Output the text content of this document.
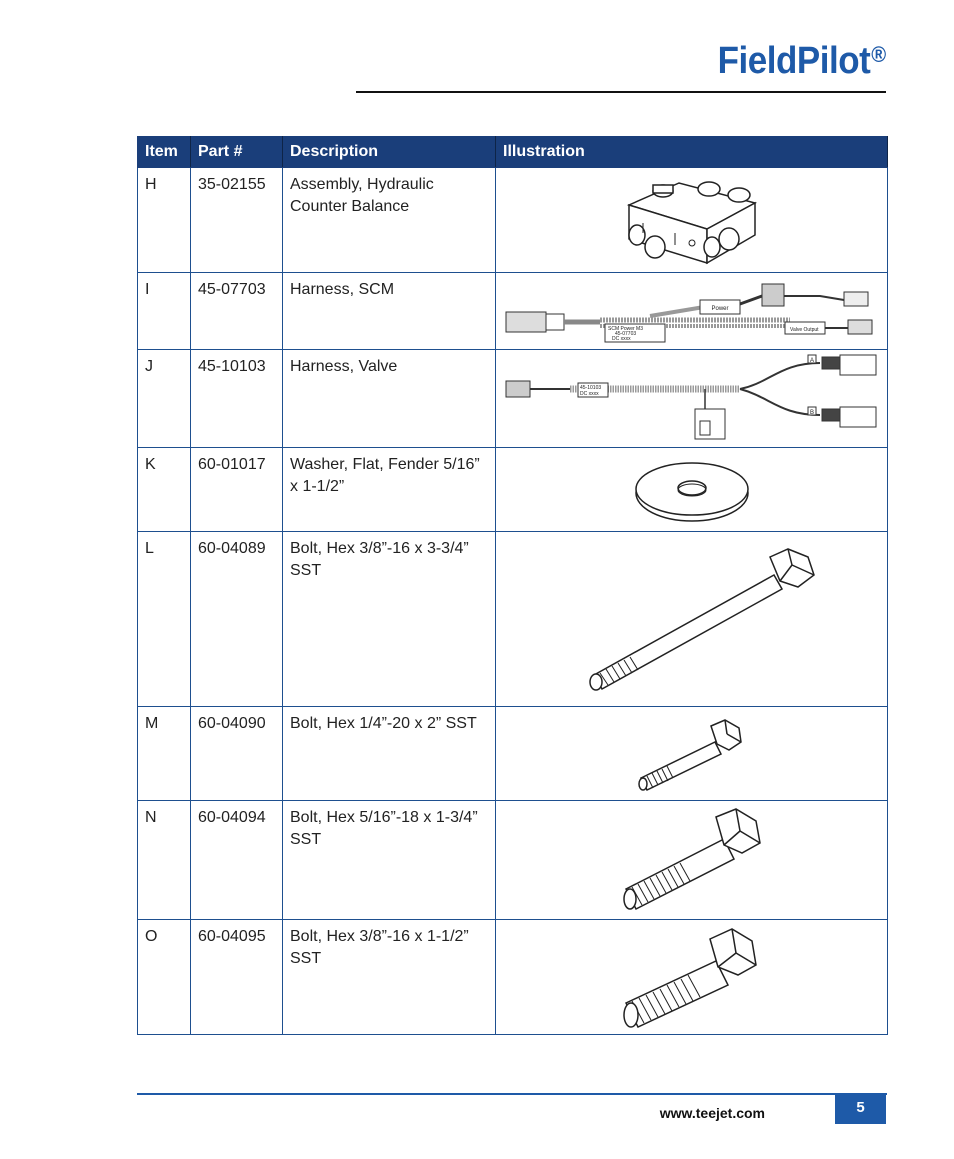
FieldPilot®
Item	Part #	Description	Illustration
H	35-02155	Assembly, Hydraulic Counter Balance	

I	45-07703	Harness, SCM	Power
SCM Power M3
45-07703
DC xxxx
Valve Output

J	45-10103	Harness, Valve	45-10103
DC xxxx
A
B

K	60-01017	Washer, Flat, Fender 5/16” x 1-1/2”	

L	60-04089	Bolt, Hex 3/8”-16 x 3-3/4” SST	

M	60-04090	Bolt, Hex 1/4”-20 x 2” SST	

N	60-04094	Bolt, Hex 5/16”-18 x 1-3/4” SST	

O	60-04095	Bolt, Hex 3/8”-16 x 1-1/2” SST	
www.teejet.com	5
